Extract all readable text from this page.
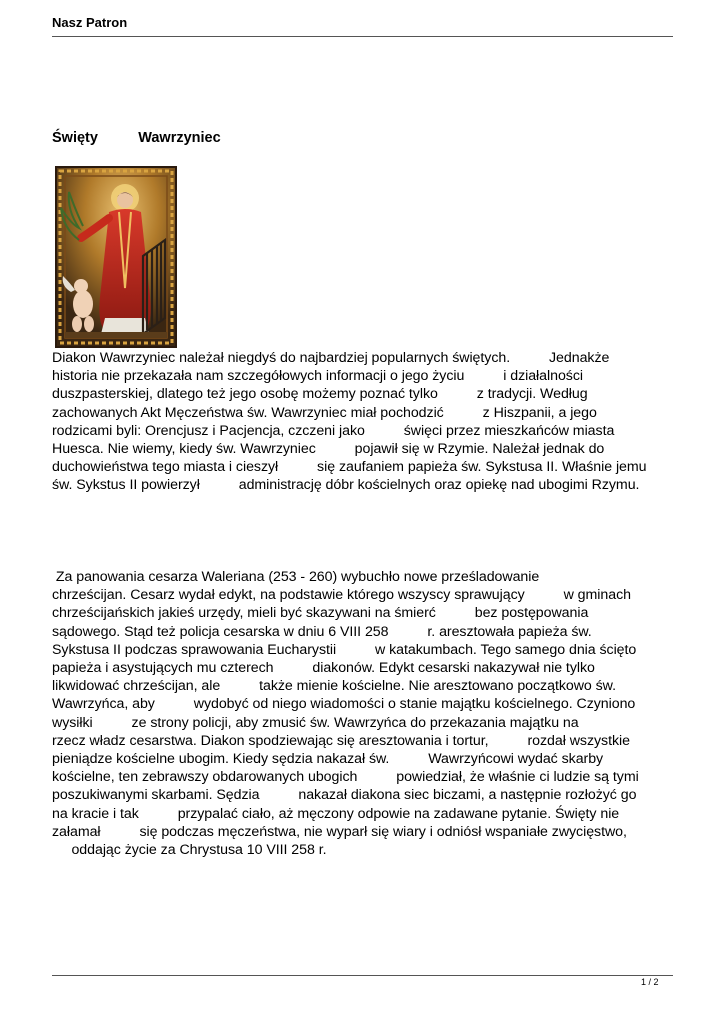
Nasz Patron
Święty          Wawrzyniec
Diakon Wawrzyniec należał niegdyś do najbardziej popularnych świętych.          Jednakże
historia nie przekazała nam szczegółowych informacji o jego życiu          i działalności
duszpasterskiej, dlatego też jego osobę możemy poznać tylko          z tradycji. Według
zachowanych Akt Męczeństwa św. Wawrzyniec miał pochodzić          z Hiszpanii, a jego
rodzicami byli: Orencjusz i Pacjencja, czczeni jako          święci przez mieszkańców miasta
Huesca. Nie wiemy, kiedy św. Wawrzyniec          pojawił się w Rzymie. Należał jednak do
duchowieństwa tego miasta i cieszył          się zaufaniem papieża św. Sykstusa II. Właśnie jemu
św. Sykstus II powierzył          administrację dóbr kościelnych oraz opiekę nad ubogimi Rzymu.
Za panowania cesarza Waleriana (253 - 260) wybuchło nowe prześladowanie
chrześcijan. Cesarz wydał edykt, na podstawie którego wszyscy sprawujący          w gminach
chrześcijańskich jakieś urzędy, mieli być skazywani na śmierć          bez postępowania
sądowego. Stąd też policja cesarska w dniu 6 VIII 258          r. aresztowała papieża św.
Sykstusa II podczas sprawowania Eucharystii          w katakumbach. Tego samego dnia ścięto
papieża i asystujących mu czterech          diakonów. Edykt cesarski nakazywał nie tylko
likwidować chrześcijan, ale          także mienie kościelne. Nie aresztowano początkowo św.
Wawrzyńca, aby          wydobyć od niego wiadomości o stanie majątku kościelnego. Czyniono
wysiłki          ze strony policji, aby zmusić św. Wawrzyńca do przekazania majątku na
rzecz władz cesarstwa. Diakon spodziewając się aresztowania i tortur,          rozdał wszystkie
pieniądze kościelne ubogim. Kiedy sędzia nakazał św.          Wawrzyńcowi wydać skarby
kościelne, ten zebrawszy obdarowanych ubogich          powiedział, że właśnie ci ludzie są tymi
poszukiwanymi skarbami. Sędzia          nakazał diakona siec biczami, a następnie rozłożyć go
na kracie i tak          przypalać ciało, aż męczony odpowie na zadawane pytanie. Święty nie
załamał          się podczas męczeństwa, nie wyparł się wiary i odniósł wspaniałe zwycięstwo,
oddając życie za Chrystusa 10 VIII 258 r.
1 / 2
